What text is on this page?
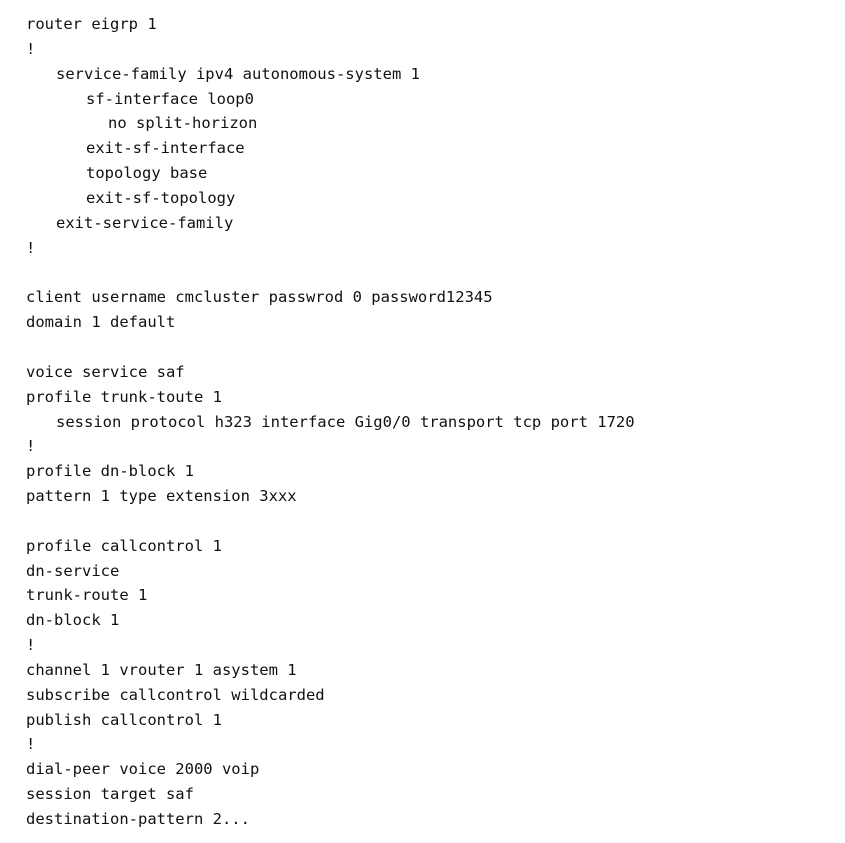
router eigrp 1
!
service-family ipv4 autonomous-system 1
sf-interface loop0
no split-horizon
exit-sf-interface
topology base
exit-sf-topology
exit-service-family
!
client username cmcluster passwrod 0 password12345
domain 1 default
voice service saf
profile trunk-toute 1
session protocol h323 interface Gig0/0 transport tcp port 1720
!
profile dn-block 1
pattern 1 type extension 3xxx
profile callcontrol 1
dn-service
trunk-route 1
dn-block 1
!
channel 1 vrouter 1 asystem 1
subscribe callcontrol wildcarded
publish callcontrol 1
!
dial-peer voice 2000 voip
session target saf
destination-pattern 2...
